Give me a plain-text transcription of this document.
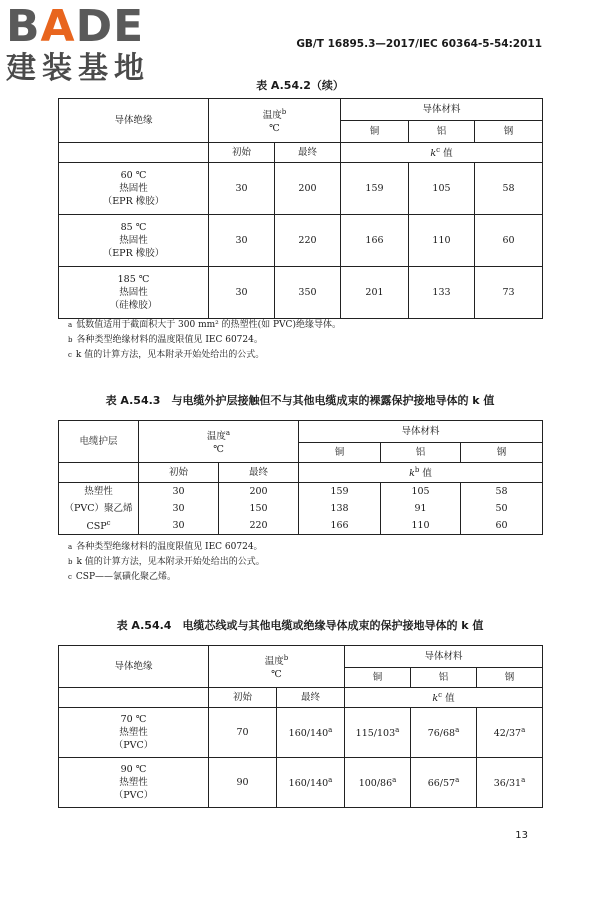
BADE
建装基地
GB/T 16895.3—2017/IEC 60364-5-54:2011
表 A.54.2（续）
导体绝缘	温度$^b$
℃		导体材料		
			铜	铝	钢
	初始	最终	$k^c$ 值		
60 ℃
热固性
（EPR 橡胶）	30	200	159	105	58
85 ℃
热固性
（EPR 橡胶）	30	220	166	110	60
185 ℃
热固性
（硅橡胶）	30	350	201	133	73
$^a$ 低数值适用于截面积大于 300 mm² 的热塑性(如 PVC)绝缘导体。
$^b$ 各种类型绝缘材料的温度限值见 IEC 60724。
$^c$ k 值的计算方法，见本附录开始处给出的公式。
表 A.54.3　与电缆外护层接触但不与其他电缆成束的裸露保护接地导体的 k 值
电缆护层	温度$^a$
℃		导体材料		
			铜	铝	钢
	初始	最终	$k^b$ 值		
热塑性	30	200	159	105	58
（PVC）聚乙烯	30	150	138	91	50
CSP$^c$	30	220	166	110	60
$^a$ 各种类型绝缘材料的温度限值见 IEC 60724。
$^b$ k 值的计算方法，见本附录开始处给出的公式。
$^c$ CSP——氯磺化聚乙烯。
表 A.54.4　电缆芯线或与其他电缆或绝缘导体成束的保护接地导体的 k 值
导体绝缘	温度$^b$
℃		导体材料		
			铜	铝	钢
	初始	最终	$k^c$ 值		
70 ℃
热塑性
（PVC）	70	160/140$^a$	115/103$^a$	76/68$^a$	42/37$^a$
90 ℃
热塑性
（PVC）	90	160/140$^a$	100/86$^a$	66/57$^a$	36/31$^a$
13
